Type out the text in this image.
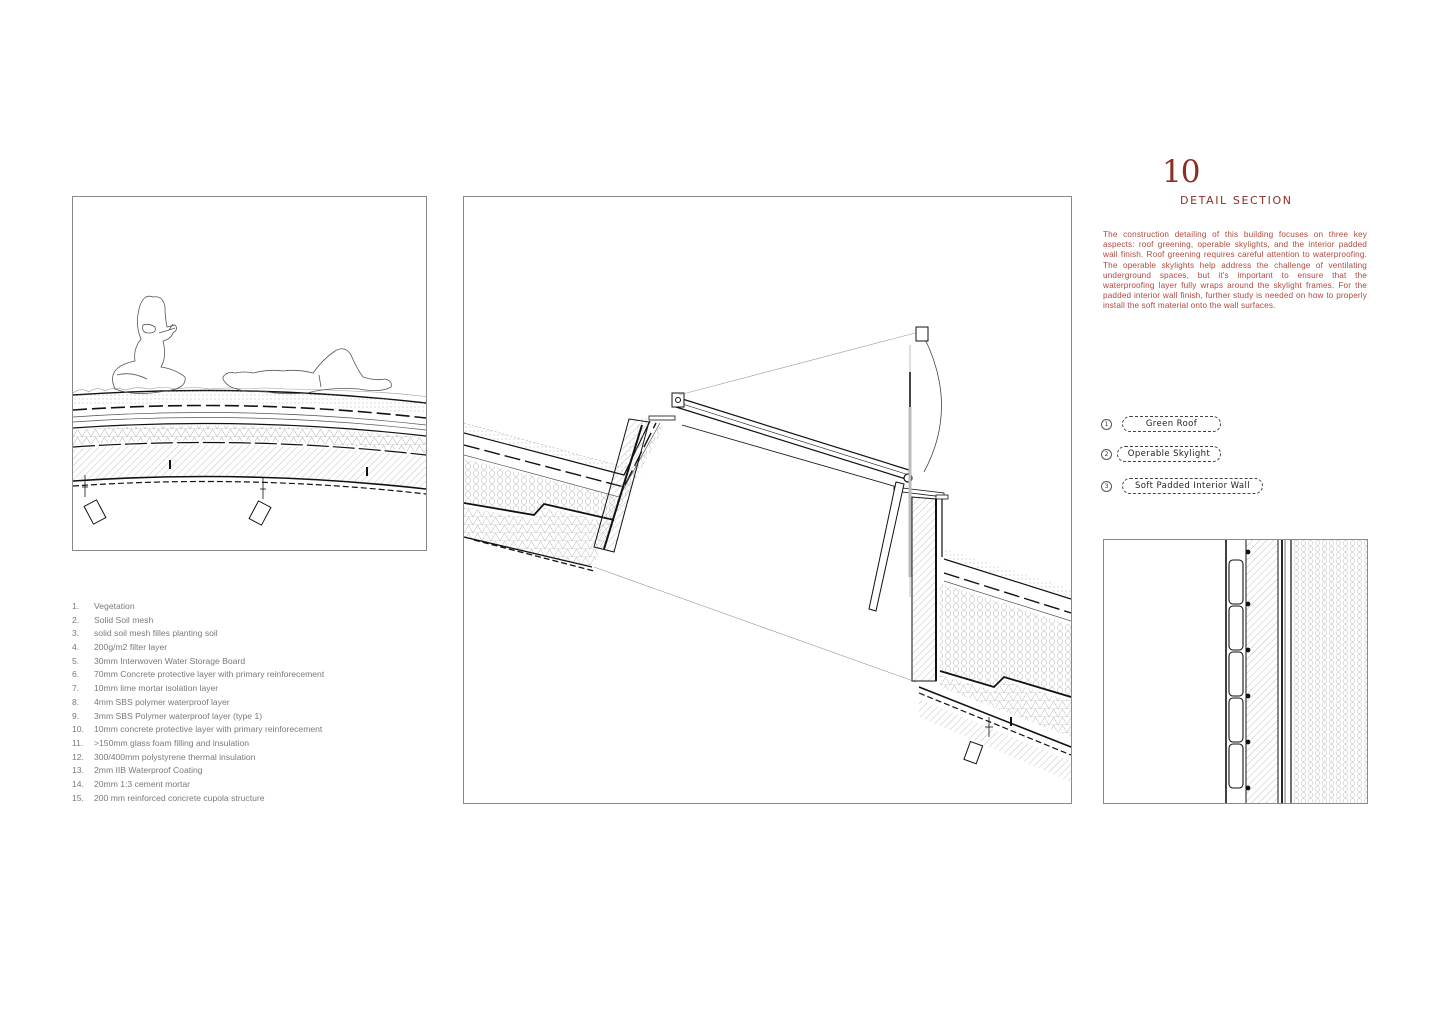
1. Vegetation
2. Solid Soil mesh
3. solid soil mesh filles planting soil
4. 200g/m2 filter layer
5. 30mm Interwoven Water Storage Board
6. 70mm Concrete protective layer with primary reinforecement
7. 10mm lime mortar isolation layer
8. 4mm SBS polymer waterproof layer
9. 3mm SBS Polymer waterproof layer (type 1)
10. 10mm concrete protective layer with primary reinforecement
11. >150mm glass foam filling and insulation
12. 300/400mm polystyrene thermal insulation
13. 2mm IIB Waterproof Coating
14. 20mm 1:3 cement mortar
15. 200 mm reinforced concrete cupola structure
10
DETAIL SECTION

The construction detailing of this building focuses on three key aspects: roof greening, operable skylights, and the interior padded wall finish. Roof greening requires careful attention to waterproofing. The operable skylights help address the challenge of ventilating underground spaces, but it's important to ensure that the waterproofing layer fully wraps around the skylight frames. For the padded interior wall finish, further study is needed on how to properly install the soft material onto the wall surfaces.

1	Green Roof
2	Operable Skylight
3	Soft Padded Interior Wall
